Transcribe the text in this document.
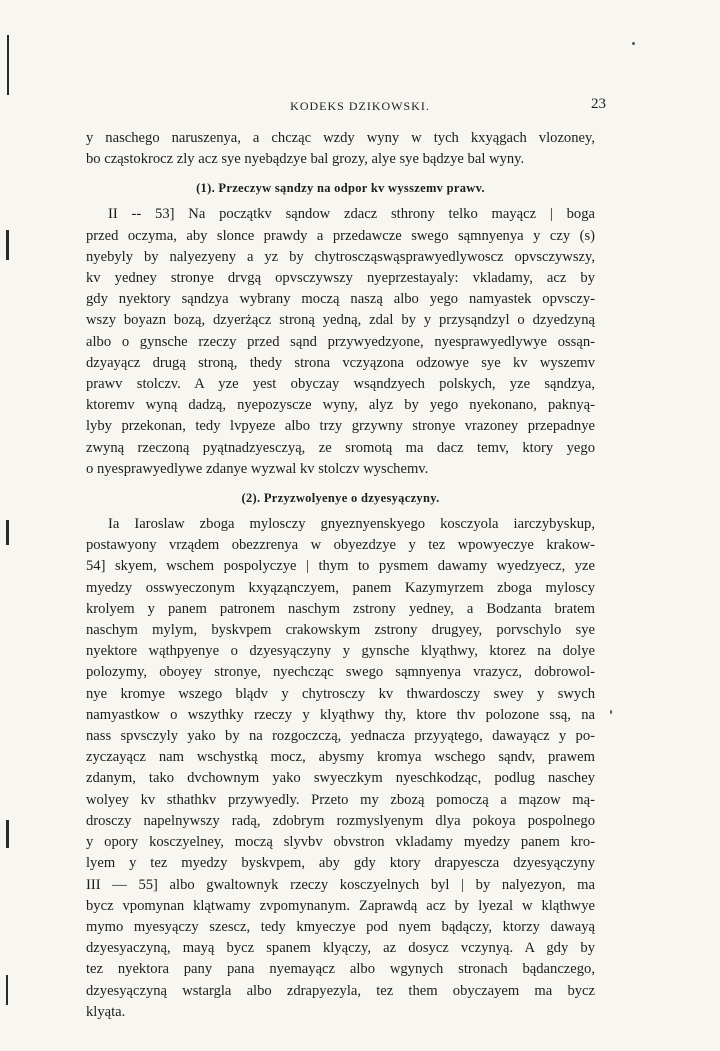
KODEKS DZIKOWSKI.	23
y naschego naruszenya, a chcząc wzdy wyny w tych kxyągach vlozoney,
bo cząstokrocz zly acz sye nyebądzye bal grozy, alye sye bądzye bal wyny.
(1). Przeczyw sąndzy na odpor kv wysszemv prawv.
II -- 53] Na początkv sąndow zdacz sthrony telko mayącz | boga
przed oczyma, aby slonce prawdy a przedawcze swego sąmnyenya y czy (s)
nyebyly by nalyezyeny a yz by chytroscząswąsprawyedlywoscz opvsczywszy,
kv yedney stronye drvgą opvsczywszy nyeprzestayaly: vkladamy, acz by
gdy nyektory sąndzya wybrany moczą naszą albo yego namyastek opvsczy-
wszy boyazn bozą, dzyerżącz stroną yedną, zdal by y przysąndzyl o dzyedzyną
albo o gynsche rzeczy przed sąnd przywyedzyone, nyesprawyedlywye ossąn-
dzyayącz drugą stroną, thedy strona vczyązona odzowye sye kv wyszemv
prawv stolczv. A yze yest obyczay wsąndzyech polskych, yze sąndzya,
ktoremv wyną dadzą, nyepozyscze wyny, alyz by yego nyekonano, paknyą-
lyby przekonan, tedy lvpyeze albo trzy grzywny stronye vrazoney przepadnye
zwyną rzeczoną pyątnadzyesczyą, ze sromotą ma dacz temv, ktory yego
o nyesprawyedlywe zdanye wyzwal kv stolczv wyschemv.
(2). Przyzwolyenye o dzyesyączyny.
Ia Iaroslaw zboga mylosczy gnyeznyenskyego kosczyola iarczybyskup,
postawyony vrządem obezzrenya w obyezdzye y tez wpowyeczye krakow-
54] skyem, wschem pospolyczye | thym to pysmem dawamy wyedzyecz, yze
myedzy osswyeczonym kxyąząnczyem, panem Kazymyrzem zboga myloscy
krolyem y panem patronem naschym zstrony yedney, a Bodzanta bratem
naschym mylym, byskvpem crakowskym zstrony drugyey, porvschylo sye
nyektore wąthpyenye o dzyesyączyny y gynsche klyąthwy, ktorez na dolye
polozymy, oboyey stronye, nyechcząc swego sąmnyenya vrazycz, dobrowol-
nye kromye wszego blądv y chytrosczy kv thwardosczy swey y swych
namyastkow o wszythky rzeczy y klyąthwy thy, ktore thv polozone ssą, na
nass spvsczyly yako by na rozgoczczą, yednacza przyyątego, dawayącz y po-
zyczayącz nam wschystką mocz, abysmy kromya wschego sąndv, prawem
zdanym, tako dvchownym yako swyeczkym nyeschkodząc, podlug naschey
wolyey kv sthathkv przywyedly. Przeto my zbozą pomoczą a mązow mą-
drosczy napelnywszy radą, zdobrym rozmyslyenym dlya pokoya pospolnego
y opory kosczyelney, moczą slyvbv obvstron vkladamy myedzy panem kro-
lyem y tez myedzy byskvpem, aby gdy ktory drapyescza dzyesyączyny
III — 55] albo gwaltownyk rzeczy kosczyelnych byl | by nalyezyon, ma
bycz vpomynan klątwamy zvpomynanym. Zaprawdą acz by lyezal w kląthwye
mymo myesyączy szescz, tedy kmyeczye pod nyem bądączy, ktorzy dawayą
dzyesyaczyną, mayą bycz spanem klyączy, az dosycz vczynyą. A gdy by
tez nyektora pany pana nyemayącz albo wgynych stronach bądanczego,
dzyesyączyną wstargla albo zdrapyezyla, tez them obyczayem ma bycz
klyąta.
